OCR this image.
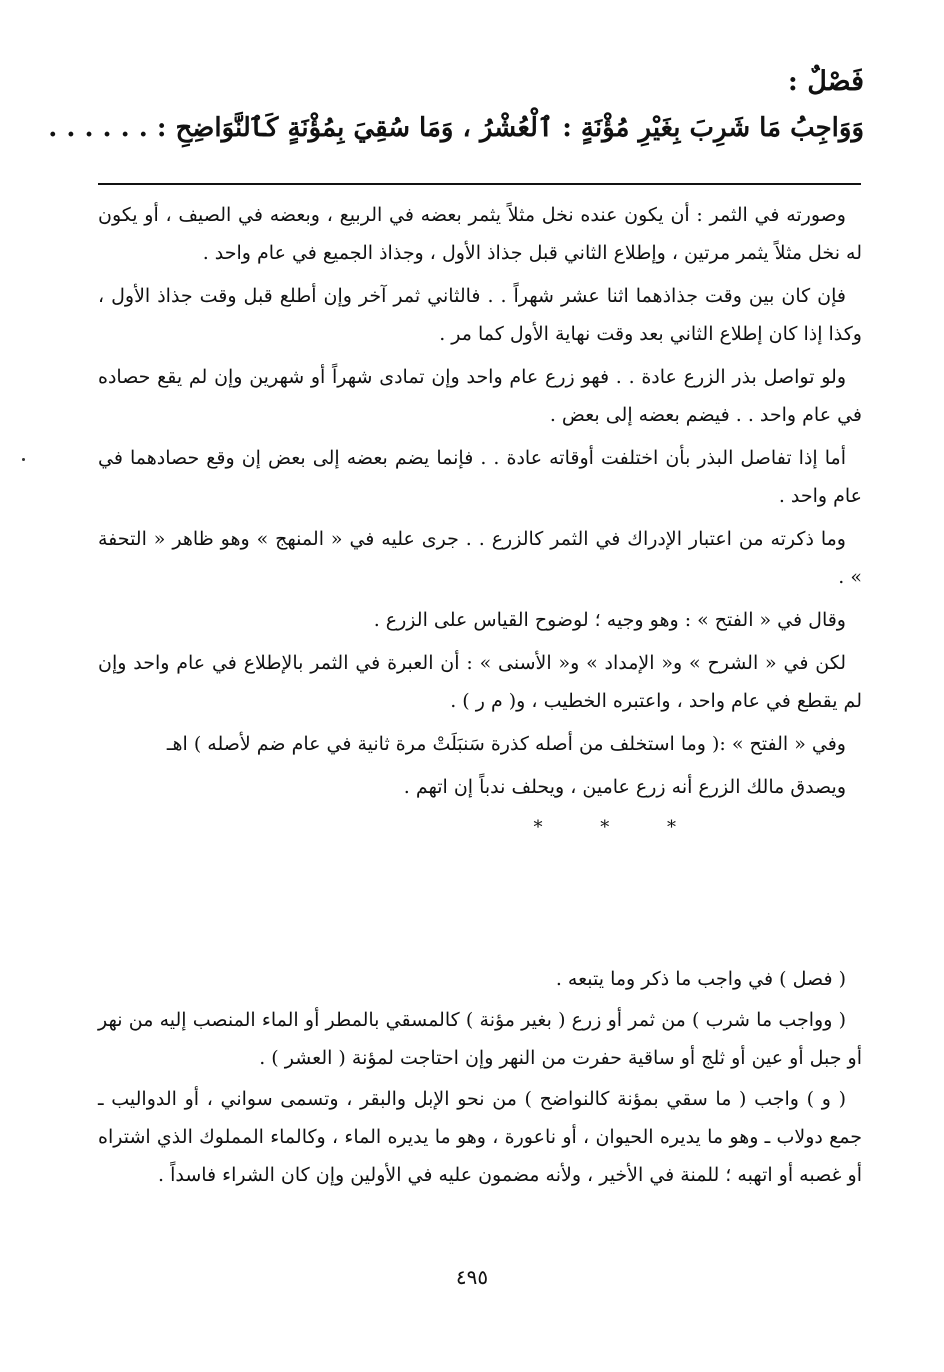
فَصْلٌ :
وَوَاجِبُ مَا شَرِبَ بِغَيْرِ مُؤْنَةٍ : ٱلْعُشْرُ ، وَمَا سُقِيَ بِمُؤْنَةٍ كَٱلنَّوَاضِحِ : . . . . . .

وصورته في الثمر : أن يكون عنده نخل مثلاً يثمر بعضه في الربيع ، وبعضه في الصيف ، أو يكون له نخل مثلاً يثمر مرتين ، وإطلاع الثاني قبل جذاذ الأول ، وجذاذ الجميع في عام واحد .

فإن كان بين وقت جذاذهما اثنا عشر شهراً . . فالثاني ثمر آخر وإن أطلع قبل وقت جذاذ الأول ، وكذا إذا كان إطلاع الثاني بعد وقت نهاية الأول كما مر .

ولو تواصل بذر الزرع عادة . . فهو زرع عام واحد وإن تمادى شهراً أو شهرين وإن لم يقع حصاده في عام واحد . . فيضم بعضه إلى بعض .

أما إذا تفاصل البذر بأن اختلفت أوقاته عادة . . فإنما يضم بعضه إلى بعض إن وقع حصادهما في عام واحد .

وما ذكرته من اعتبار الإدراك في الثمر كالزرع . . جرى عليه في « المنهج » وهو ظاهر « التحفة » .

وقال في « الفتح » : وهو وجيه ؛ لوضوح القياس على الزرع .

لكن في « الشرح » و« الإمداد » و« الأسنى » : أن العبرة في الثمر بالإطلاع في عام واحد وإن لم يقطع في عام واحد ، واعتبره الخطيب ، و( م ر ) .

وفي « الفتح » :( وما استخلف من أصله كذرة سَنبَلَتْ مرة ثانية في عام ضم لأصله ) اهـ

ويصدق مالك الزرع أنه زرع عامين ، ويحلف ندباً إن اتهم .

* * *

( فصل ) في واجب ما ذكر وما يتبعه .

( وواجب ما شرب ) من ثمر أو زرع ( بغير مؤنة ) كالمسقي بالمطر أو الماء المنصب إليه من نهر أو جبل أو عين أو ثلج أو ساقية حفرت من النهر وإن احتاجت لمؤنة ( العشر ) .

( و ) واجب ( ما سقي بمؤنة كالنواضح ) من نحو الإبل والبقر ، وتسمى سواني ، أو الدواليب ـ جمع دولاب ـ وهو ما يديره الحيوان ، أو ناعورة ، وهو ما يديره الماء ، وكالماء المملوك الذي اشتراه أو غصبه أو اتهبه ؛ للمنة في الأخير ، ولأنه مضمون عليه في الأولين وإن كان الشراء فاسداً .

٤٩٥
